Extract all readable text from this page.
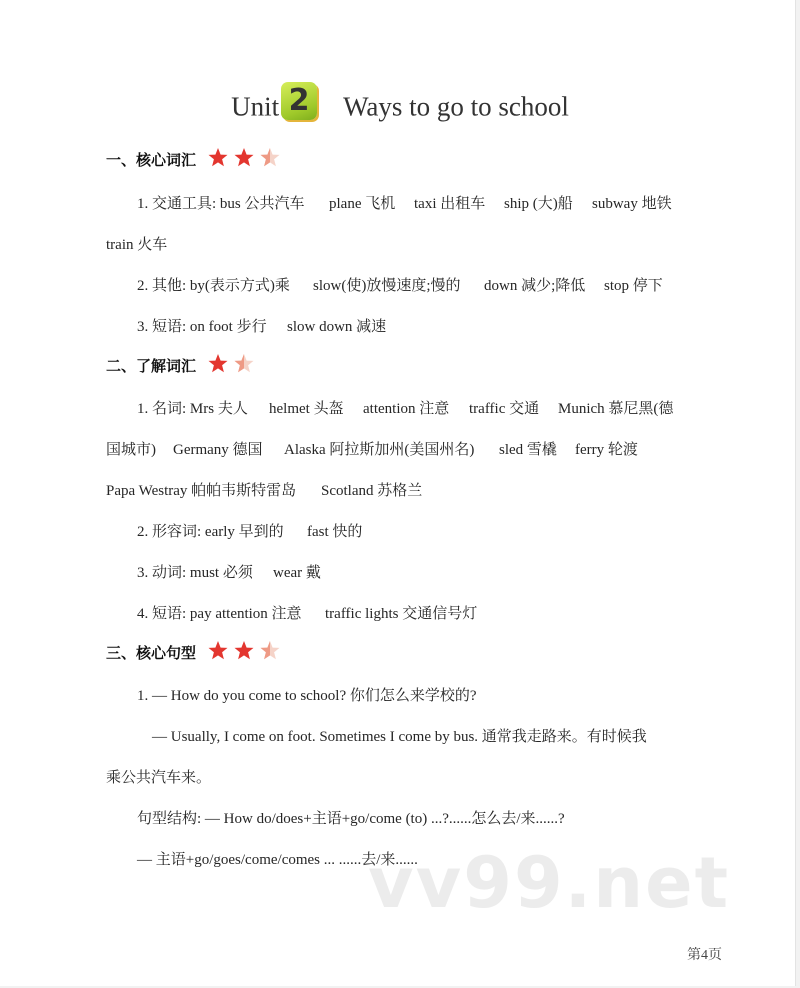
Unit 2 Ways to go to school
一、核心词汇

1. 交通工具: bus 公共汽车 plane 飞机 taxi 出租车 ship (大)船 subway 地铁
train 火车
2. 其他: by(表示方式)乘 slow(使)放慢速度;慢的 down 减少;降低 stop 停下
3. 短语: on foot 步行 slow down 减速
二、了解词汇

1. 名词: Mrs 夫人 helmet 头盔 attention 注意 traffic 交通 Munich 慕尼黑(德
国城市) Germany 德国 Alaska 阿拉斯加州(美国州名) sled 雪橇 ferry 轮渡
Papa Westray 帕帕韦斯特雷岛 Scotland 苏格兰
2. 形容词: early 早到的 fast 快的
3. 动词: must 必须 wear 戴
4. 短语: pay attention 注意 traffic lights 交通信号灯
三、核心句型

1. — How do you come to school? 你们怎么来学校的?
— Usually, I come on foot. Sometimes I come by bus. 通常我走路来。有时候我
乘公共汽车来。
句型结构: — How do/does+主语+go/come (to) ...?......怎么去/来......?
— 主语+go/goes/come/comes ... ......去/来......
vv99.net
第4页
